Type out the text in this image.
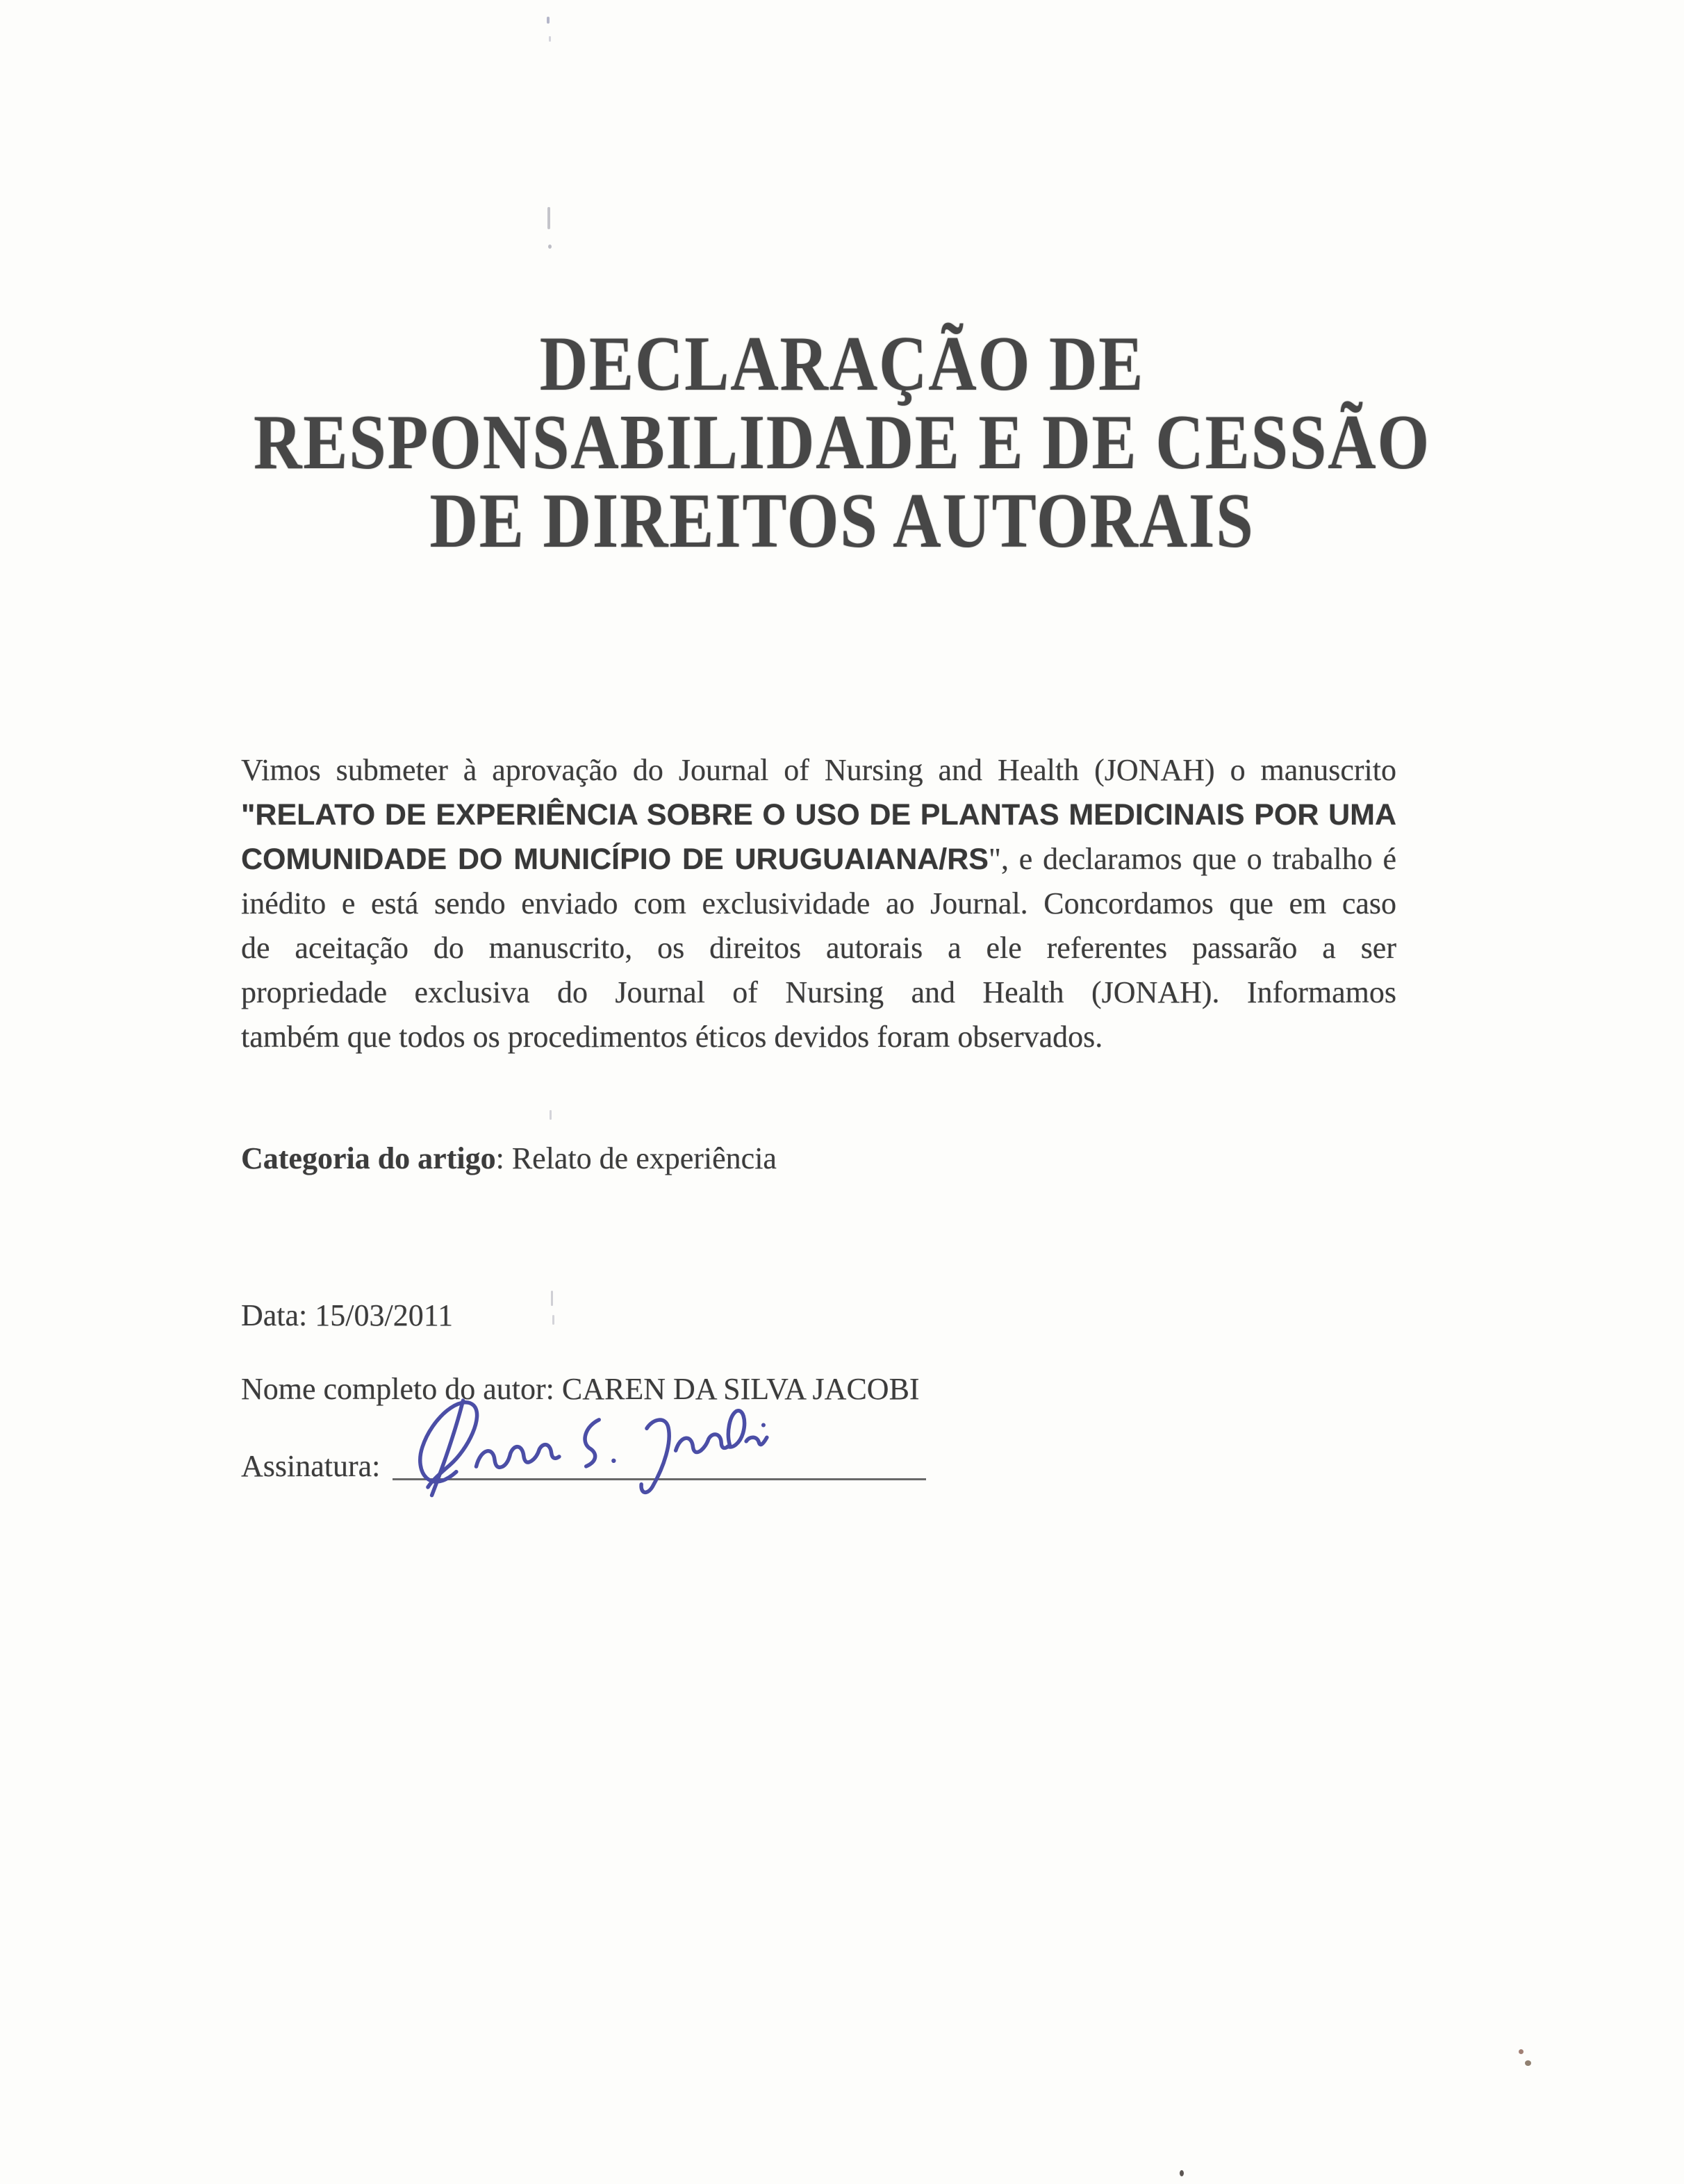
DECLARAÇÃO DE
RESPONSABILIDADE E DE CESSÃO
DE DIREITOS AUTORAIS
Vimos submeter à aprovação do Journal of Nursing and Health (JONAH) o manuscrito
"RELATO DE EXPERIÊNCIA SOBRE O USO DE PLANTAS MEDICINAIS POR UMA
COMUNIDADE DO MUNICÍPIO DE URUGUAIANA/RS", e declaramos que o trabalho é
inédito e está sendo enviado com exclusividade ao Journal. Concordamos que em caso
de aceitação do manuscrito, os direitos autorais a ele referentes passarão a ser
propriedade exclusiva do Journal of Nursing and Health (JONAH). Informamos
também que todos os procedimentos éticos devidos foram observados.
Categoria do artigo: Relato de experiência
Data: 15/03/2011
Nome completo do autor: CAREN DA SILVA JACOBI
Assinatura:
